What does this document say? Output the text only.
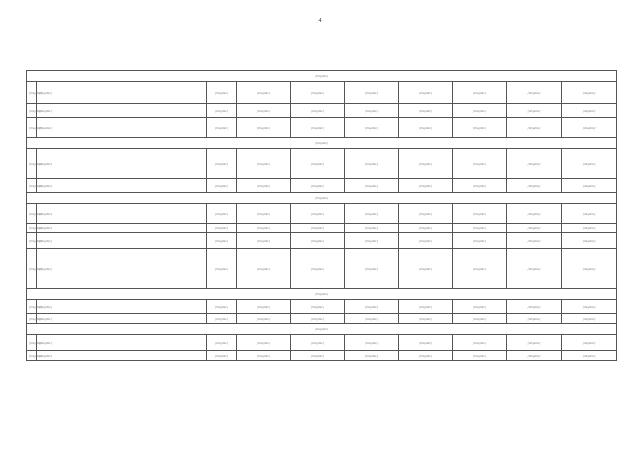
4
[illegible]									
[illegible]	[illegible]	[illegible]	[illegible]	[illegible]	[illegible]	[illegible]	[illegible]	[illegible]	[illegible]
[illegible]	[illegible]	[illegible]	[illegible]	[illegible]	[illegible]	[illegible]	[illegible]	[illegible]	[illegible]
[illegible]	[illegible]	[illegible]	[illegible]	[illegible]	[illegible]	[illegible]	[illegible]	[illegible]	[illegible]
[illegible]									
[illegible]	[illegible]	[illegible]	[illegible]	[illegible]	[illegible]	[illegible]	[illegible]	[illegible]	[illegible]
[illegible]	[illegible]	[illegible]	[illegible]	[illegible]	[illegible]	[illegible]	[illegible]	[illegible]	[illegible]
[illegible]									
[illegible]	[illegible]	[illegible]	[illegible]	[illegible]	[illegible]	[illegible]	[illegible]	[illegible]	[illegible]
[illegible]	[illegible]	[illegible]	[illegible]	[illegible]	[illegible]	[illegible]	[illegible]	[illegible]	[illegible]
[illegible]	[illegible]	[illegible]	[illegible]	[illegible]	[illegible]	[illegible]	[illegible]	[illegible]	[illegible]
[illegible]	[illegible]	[illegible]	[illegible]	[illegible]	[illegible]	[illegible]	[illegible]	[illegible]	[illegible]
[illegible]									
[illegible]	[illegible]	[illegible]	[illegible]	[illegible]	[illegible]	[illegible]	[illegible]	[illegible]	[illegible]
[illegible]	[illegible]	[illegible]	[illegible]	[illegible]	[illegible]	[illegible]	[illegible]	[illegible]	[illegible]
[illegible]									
[illegible]	[illegible]	[illegible]	[illegible]	[illegible]	[illegible]	[illegible]	[illegible]	[illegible]	[illegible]
[illegible]	[illegible]	[illegible]	[illegible]	[illegible]	[illegible]	[illegible]	[illegible]	[illegible]	[illegible]
